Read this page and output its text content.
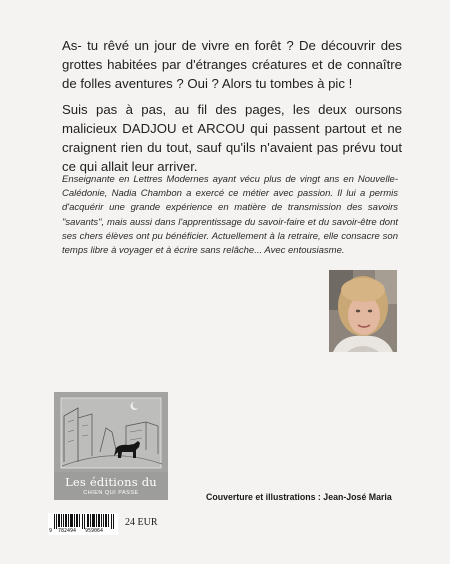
As- tu rêvé un jour de vivre en forêt ? De découvrir des grottes habitées par d'étranges créatures et de connaître de folles aventures ? Oui ? Alors tu tombes à pic !

Suis pas à pas, au fil des pages, les deux oursons malicieux DADJOU et ARCOU qui passent partout et ne craignent rien du tout, sauf qu'ils n'avaient pas prévu tout ce qui allait leur arriver.

Enseignante en Lettres Modernes ayant vécu plus de vingt ans en Nouvelle-Calédonie, Nadia Chambon a exercé ce métier avec passion. Il lui a permis d'acquérir une grande expérience en matière de transmission des savoirs "savants", mais aussi dans l'apprentissage du savoir-faire et du savoir-être dont ses chers élèves ont pu bénéficier. Actuellement à la retraire, elle consacre son temps libre à voyager et à écrire sans relâche... Avec entousiasme.

Les éditions du
CHIEN QUI PASSE	Couverture et illustrations : Jean-José Maria
9 782494 959064
24 EUR
